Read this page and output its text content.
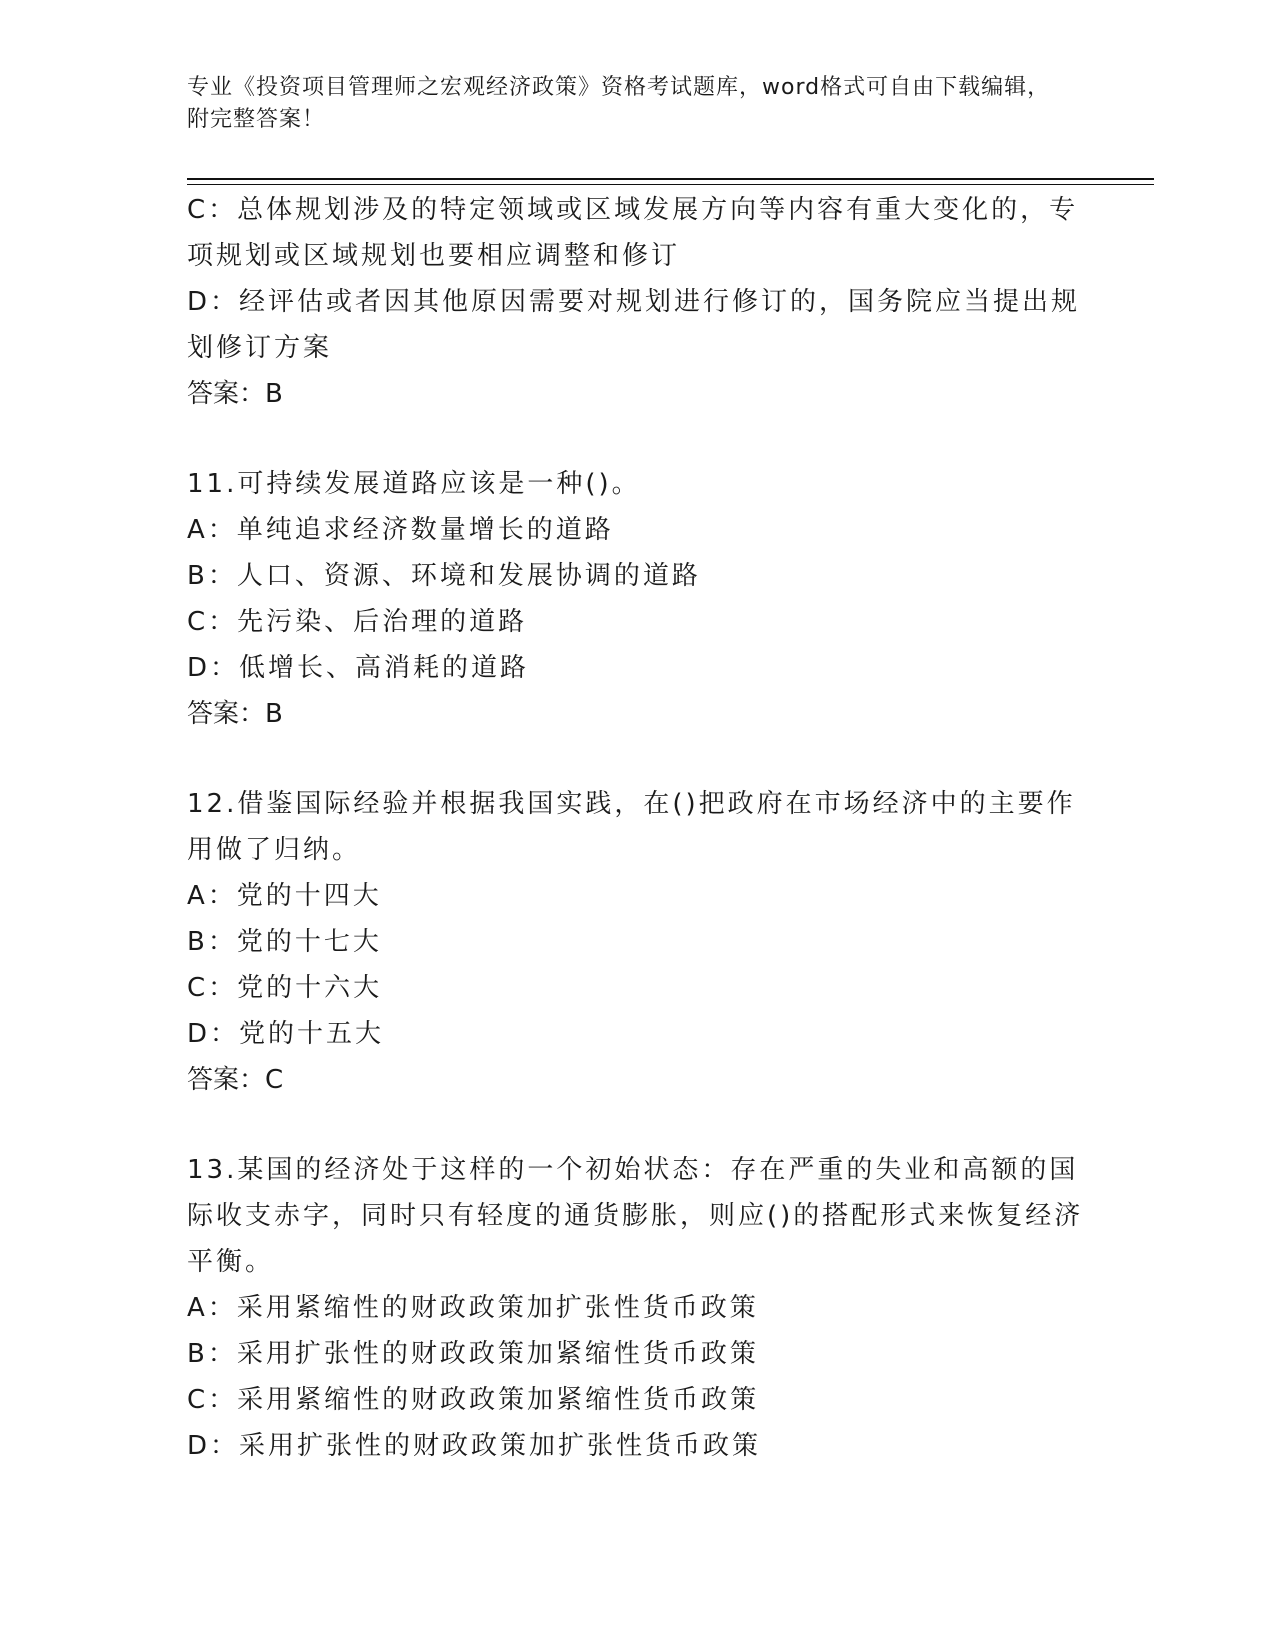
专业《投资项目管理师之宏观经济政策》资格考试题库，word格式可自由下载编辑，附完整答案！
C：总体规划涉及的特定领域或区域发展方向等内容有重大变化的，专项规划或区域规划也要相应调整和修订
D：经评估或者因其他原因需要对规划进行修订的，国务院应当提出规划修订方案
答案：B
11.可持续发展道路应该是一种()。
A：单纯追求经济数量增长的道路
B：人口、资源、环境和发展协调的道路
C：先污染、后治理的道路
D：低增长、高消耗的道路
答案：B
12.借鉴国际经验并根据我国实践，在()把政府在市场经济中的主要作用做了归纳。
A：党的十四大
B：党的十七大
C：党的十六大
D：党的十五大
答案：C
13.某国的经济处于这样的一个初始状态：存在严重的失业和高额的国际收支赤字，同时只有轻度的通货膨胀，则应()的搭配形式来恢复经济平衡。
A：采用紧缩性的财政政策加扩张性货币政策
B：采用扩张性的财政政策加紧缩性货币政策
C：采用紧缩性的财政政策加紧缩性货币政策
D：采用扩张性的财政政策加扩张性货币政策
